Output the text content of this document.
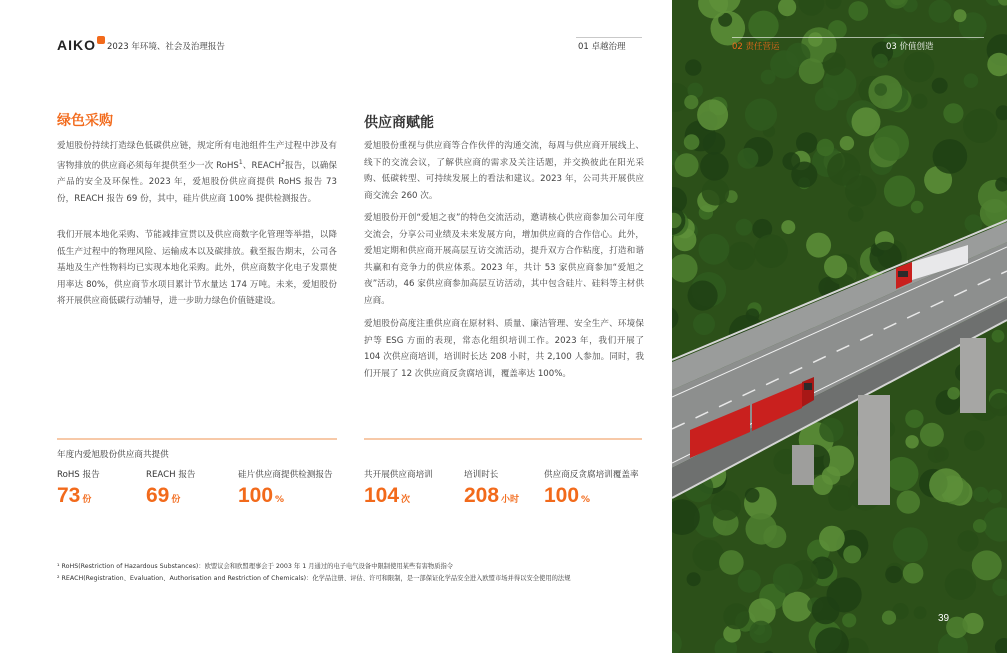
AIKO	2023 年环境、社会及治理报告	01 卓越治理
绿色采购

爱旭股份持续打造绿色低碳供应链，规定所有电池组件生产过程中涉及有害物排放的供应商必须每年提供至少一次 RoHS$^1$、REACH$^2$报告，以确保产品的安全及环保性。2023 年，爱旭股份供应商提供 RoHS 报告 73 份，REACH 报告 69 份，其中，硅片供应商 100% 提供检测报告。

我们开展本地化采购、节能减排宣贯以及供应商数字化管理等举措，以降低生产过程中的物理风险、运输成本以及碳排放。截至报告期末，公司各基地及生产性物料均已实现本地化采购。此外，供应商数字化电子发票使用率达 80%，供应商节水项目累计节水量达 174 万吨。未来，爱旭股份将开展供应商低碳行动辅导，进一步助力绿色价值链建设。

供应商赋能

爱旭股份重视与供应商等合作伙伴的沟通交流，每周与供应商开展线上、线下的交流会议，了解供应商的需求及关注话题，并交换彼此在阳光采购、低碳转型、可持续发展上的看法和建议。2023 年，公司共开展供应商交流会 260 次。

爱旭股份开创“爱旭之夜”的特色交流活动，邀请核心供应商参加公司年度交流会，分享公司业绩及未来发展方向，增加供应商的合作信心。此外，爱旭定期和供应商开展高层互访交流活动，提升双方合作粘度，打造和谐共赢和有竞争力的供应体系。2023 年，共计 53 家供应商参加“爱旭之夜”活动，46 家供应商参加高层互访活动，其中包含硅片、硅料等主材供应商。

爱旭股份高度注重供应商在原材料、质量、廉洁管理、安全生产、环境保护等 ESG 方面的表现，常态化组织培训工作。2023 年，我们开展了 104 次供应商培训，培训时长达 208 小时，共 2,100 人参加。同时，我们开展了 12 次供应商反贪腐培训，覆盖率达 100%。

年度内爱旭股份供应商共提供
RoHS 报告
73 份
REACH 报告
69 份
硅片供应商提供检测报告
100 %
共开展供应商培训
104 次
培训时长
208 小时
供应商反贪腐培训覆盖率
100 %
¹ RoHS(Restriction of Hazardous Substances)：欧盟议会和欧盟理事会于 2003 年 1 月通过的电子电气设备中限制使用某些有害物质指令
² REACH(Registration、Evaluation、Authorisation and Restriction of Chemicals)：化学品注册、评估、许可和限制，是一部保证化学品安全进入欧盟市场并得以安全使用的法规
02 责任营运	03 价值创造
39
